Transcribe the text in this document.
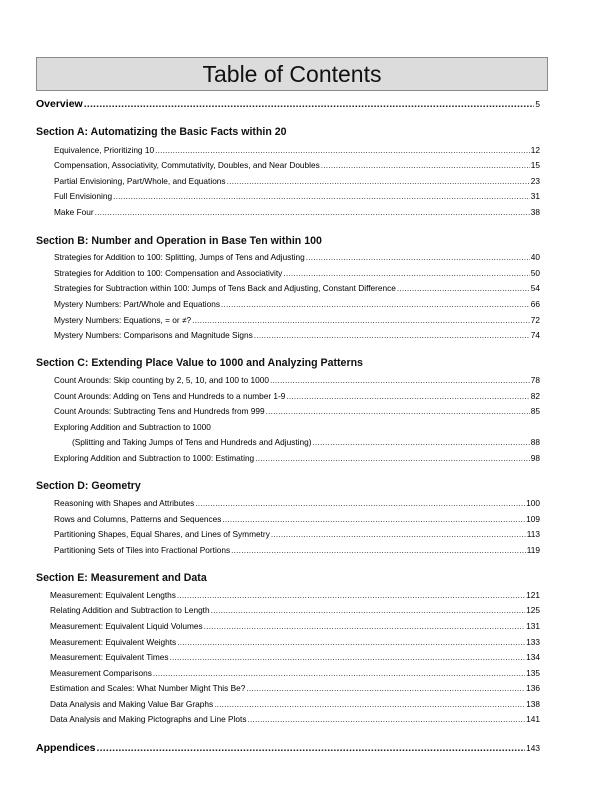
Table of Contents
Overview .....	5
Section A: Automatizing the Basic Facts within 20
Equivalence, Prioritizing 10 .....	12
Compensation, Associativity, Commutativity, Doubles, and Near Doubles .....	15
Partial Envisioning, Part/Whole, and Equations .....	23
Full Envisioning .....	31
Make Four .....	38
Section B: Number and Operation in Base Ten within 100
Strategies for Addition to 100: Splitting, Jumps of Tens and Adjusting .....	40
Strategies for Addition to 100: Compensation and Associativity .....	50
Strategies for Subtraction within 100: Jumps of Tens Back and Adjusting, Constant Difference .....	54
Mystery Numbers: Part/Whole and Equations .....	66
Mystery Numbers: Equations, = or ≠? .....	72
Mystery Numbers: Comparisons and Magnitude Signs .....	74
Section C: Extending Place Value to 1000 and Analyzing Patterns
Count Arounds: Skip counting by 2, 5, 10, and 100 to 1000 .....	78
Count Arounds: Adding on Tens and Hundreds to a number 1-9 .....	82
Count Arounds: Subtracting Tens and Hundreds from 999 .....	85
Exploring Addition and Subtraction to 1000
(Splitting and Taking Jumps of Tens and Hundreds and Adjusting) .....	88
Exploring Addition and Subtraction to 1000: Estimating .....	98
Section D: Geometry
Reasoning with Shapes and Attributes .....	100
Rows and Columns, Patterns and Sequences .....	109
Partitioning Shapes, Equal Shares, and Lines of Symmetry .....	113
Partitioning Sets of Tiles into Fractional Portions .....	119
Section E: Measurement and Data
Measurement: Equivalent Lengths .....	121
Relating Addition and Subtraction to Length .....	125
Measurement: Equivalent Liquid Volumes .....	131
Measurement: Equivalent Weights .....	133
Measurement: Equivalent Times .....	134
Measurement Comparisons .....	135
Estimation and Scales: What Number Might This Be? .....	136
Data Analysis and Making Value Bar Graphs .....	138
Data Analysis and Making Pictographs and Line Plots .....	141
Appendices .....	143
